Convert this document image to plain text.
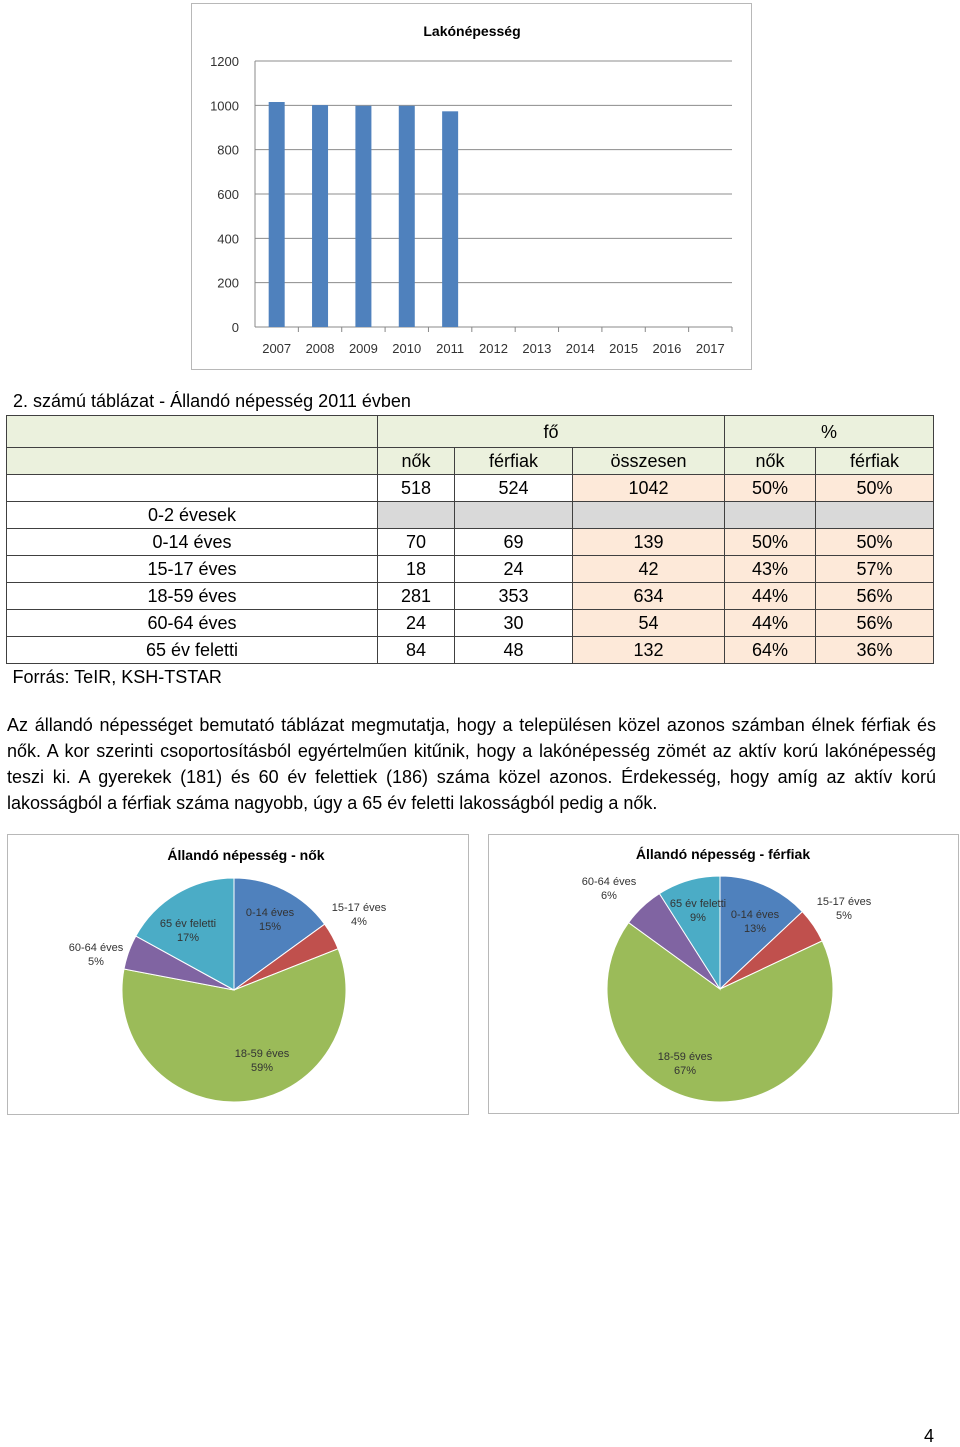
Lakónépesség
0
200
400
600
800
1000
1200
2007 2008 2009 2010 2011 2012 2013 2014 2015 2016 2017
2. számú táblázat - Állandó népesség 2011 évben
	fő			%	
	nők	férfiak	összesen	nők	férfiak
	518	524	1042	50%	50%
0-2 évesek					
0-14 éves	70	69	139	50%	50%
15-17 éves	18	24	42	43%	57%
18-59 éves	281	353	634	44%	56%
60-64 éves	24	30	54	44%	56%
65 év feletti	84	48	132	64%	36%
Forrás: TeIR, KSH-TSTAR					
Az állandó népességet bemutató táblázat megmutatja, hogy a településen közel azonos számban élnek férfiak és nők. A kor szerinti csoportosításból egyértelműen kitűnik, hogy a lakónépesség zömét az aktív korú lakónépesség teszi ki. A gyerekek (181) és 60 év felettiek (186) száma közel azonos. Érdekesség, hogy amíg az aktív korú lakosságból a férfiak száma nagyobb, úgy a 65 év feletti lakosságból pedig a nők.
Állandó népesség - nők
0-14 éves
15%
15-17 éves
4%
18-59 éves
59%
60-64 éves
5%
65 év feletti
17%
Állandó népesség - férfiak
0-14 éves
13%
15-17 éves
5%
18-59 éves
67%
60-64 éves
6%
65 év feletti
9%
4
